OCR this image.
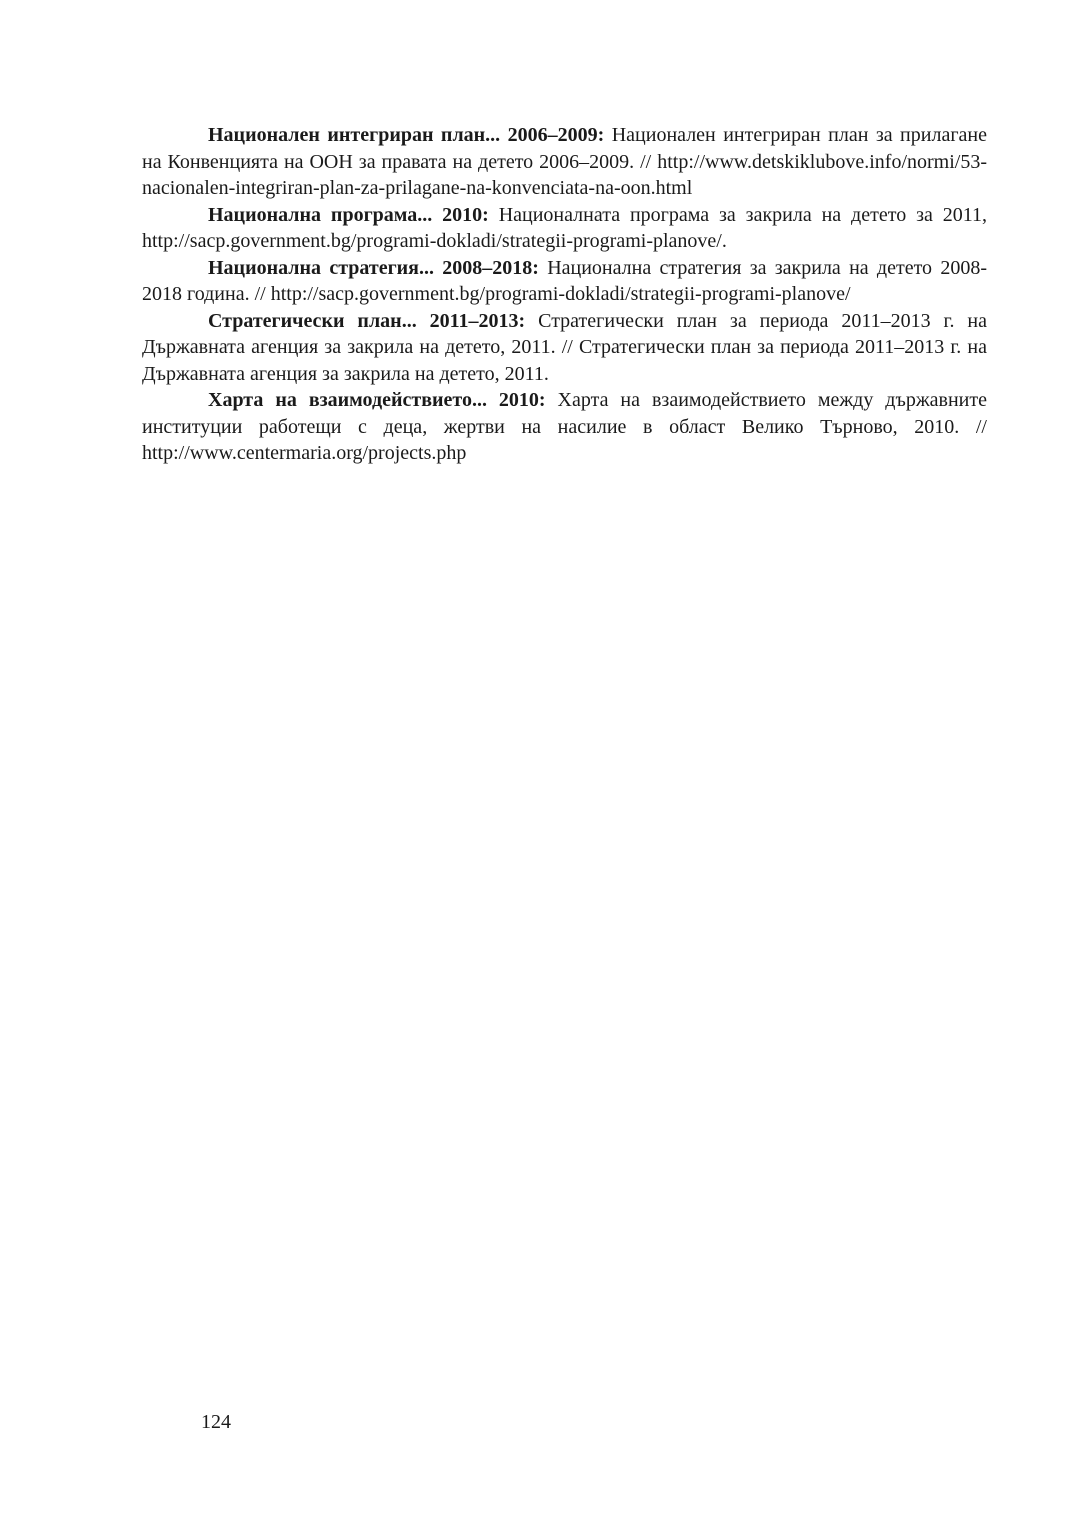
Национален интегриран план... 2006–2009: Национален интегриран план за прилагане на Конвенцията на ООН за правата на детето 2006–2009. // http://www.detskiklubove.info/normi/53-nacionalen-integriran-plan-za-prilagane-na-konvenciata-na-oon.html

Национална програма... 2010: Националната програма за закрила на детето за 2011, http://sacp.government.bg/programi-dokladi/strategii-programi-planove/.

Национална стратегия... 2008–2018: Национална стратегия за закрила на детето 2008-2018 година. // http://sacp.government.bg/programi-dokladi/strategii-programi-planove/

Стратегически план... 2011–2013: Стратегически план за периода 2011–2013 г. на Държавната агенция за закрила на детето, 2011. // Стратегически план за периода 2011–2013 г. на Държавната агенция за закрила на детето, 2011.

Харта на взаимодействието... 2010: Харта на взаимодействието между държавните институции работещи с деца, жертви на насилие в област Велико Търново, 2010. // http://www.centermaria.org/projects.php

124
